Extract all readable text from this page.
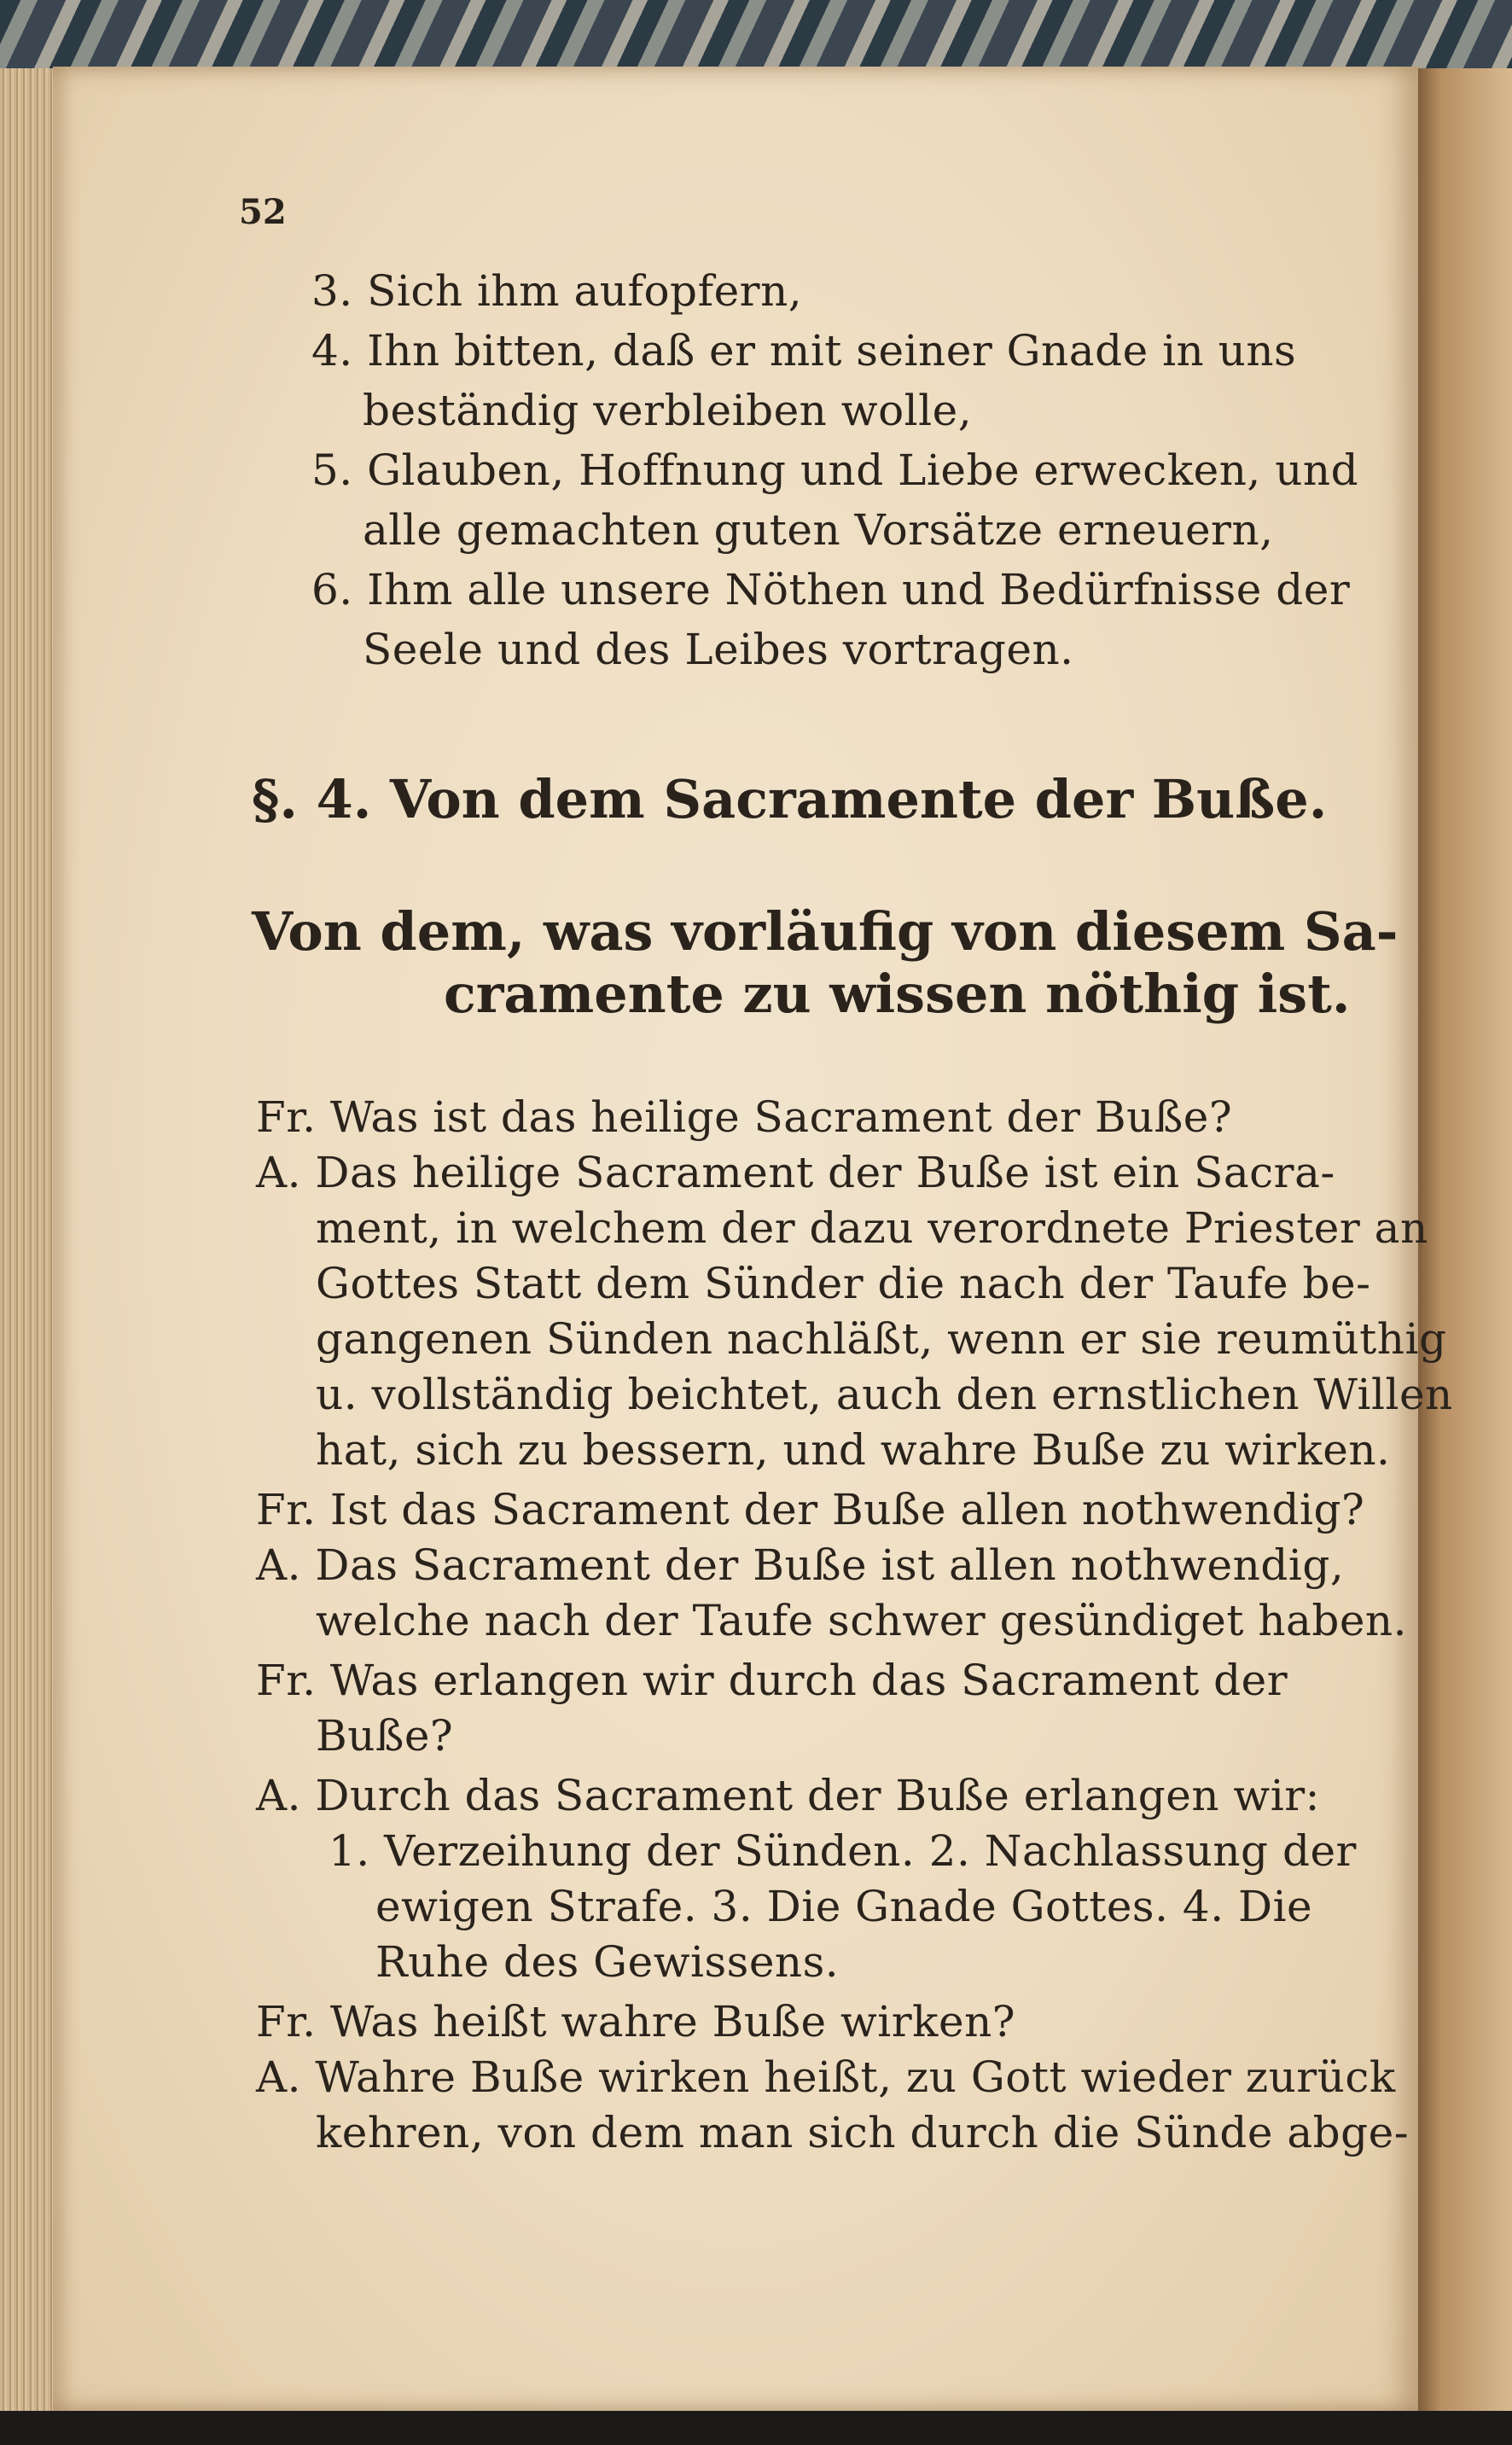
52
3. Sich ihm aufopfern,
4. Ihn bitten, daß er mit seiner Gnade in uns
beständig verbleiben wolle,
5. Glauben, Hoffnung und Liebe erwecken, und
alle gemachten guten Vorsätze erneuern,
6. Ihm alle unsere Nöthen und Bedürfnisse der
Seele und des Leibes vortragen.
§. 4. Von dem Sacramente der Buße.
Von dem, was vorläufig von diesem Sa-
cramente zu wissen nöthig ist.
Fr. Was ist das heilige Sacrament der Buße?
A. Das heilige Sacrament der Buße ist ein Sacra-
ment, in welchem der dazu verordnete Priester an
Gottes Statt dem Sünder die nach der Taufe be-
gangenen Sünden nachläßt, wenn er sie reumüthig
u. vollständig beichtet, auch den ernstlichen Willen
hat, sich zu bessern, und wahre Buße zu wirken.
Fr. Ist das Sacrament der Buße allen nothwendig?
A. Das Sacrament der Buße ist allen nothwendig,
welche nach der Taufe schwer gesündiget haben.
Fr. Was erlangen wir durch das Sacrament der
Buße?
A. Durch das Sacrament der Buße erlangen wir:
1. Verzeihung der Sünden. 2. Nachlassung der
ewigen Strafe. 3. Die Gnade Gottes. 4. Die
Ruhe des Gewissens.
Fr. Was heißt wahre Buße wirken?
A. Wahre Buße wirken heißt, zu Gott wieder zurück
kehren, von dem man sich durch die Sünde abge-
